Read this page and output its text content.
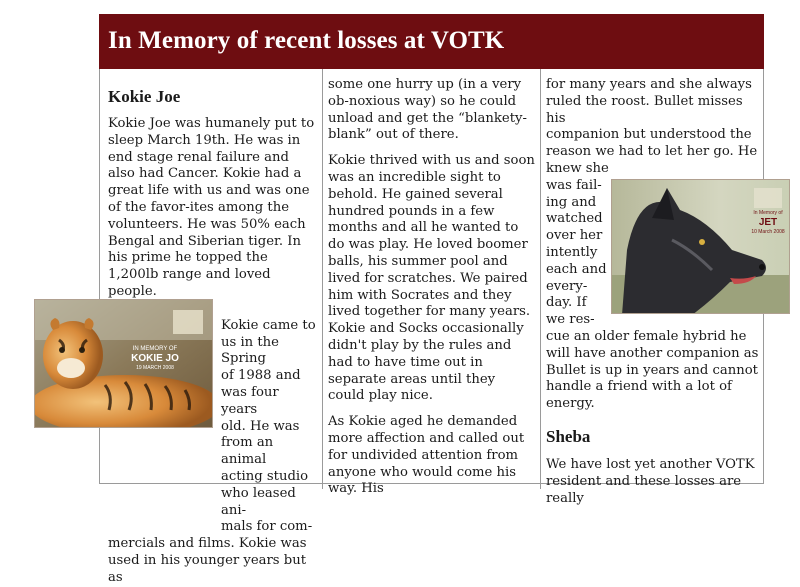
In Memory of recent losses at VOTK
Kokie Joe

Kokie Joe was humanely put to sleep March 19th. He was in end stage renal failure and also had Cancer. Kokie had a great life with us and was one of the favor-ites among the volunteers. He was 50% each Bengal and Siberian tiger. In his prime he topped the 1,200lb range and loved people.

Kokie came to
us in the Spring
of 1988 and
was four years
old. He was
from an animal
acting studio
who leased ani-
mals for com-
mercials and films. Kokie was
used in his younger years but as
IN MEMORY OF
KOKIE JO
19 MARCH 2008

some one hurry up (in a very ob-noxious way) so he could unload and get the “blankety-blank” out of there.

Kokie thrived with us and soon was an incredible sight to behold. He gained several hundred pounds in a few months and all he wanted to do was play. He loved boomer balls, his summer pool and lived for scratches. We paired him with Socrates and they lived together for many years. Kokie and Socks occasionally didn't play by the rules and had to have time out in separate areas until they could play nice.

As Kokie aged he demanded more affection and called out for undivided attention from anyone who would come his way. His

for many years and she always
ruled the roost. Bullet misses his
companion but understood the
reason we had to let her go. He
knew she
was fail-
ing and
watched
over her
intently
each and
every-
day. If
we res-

cue an older female hybrid he will have another companion as Bullet is up in years and cannot handle a friend with a lot of energy.

Sheba

We have lost yet another VOTK resident and these losses are really

In Memory of
JET
10 March 2008
